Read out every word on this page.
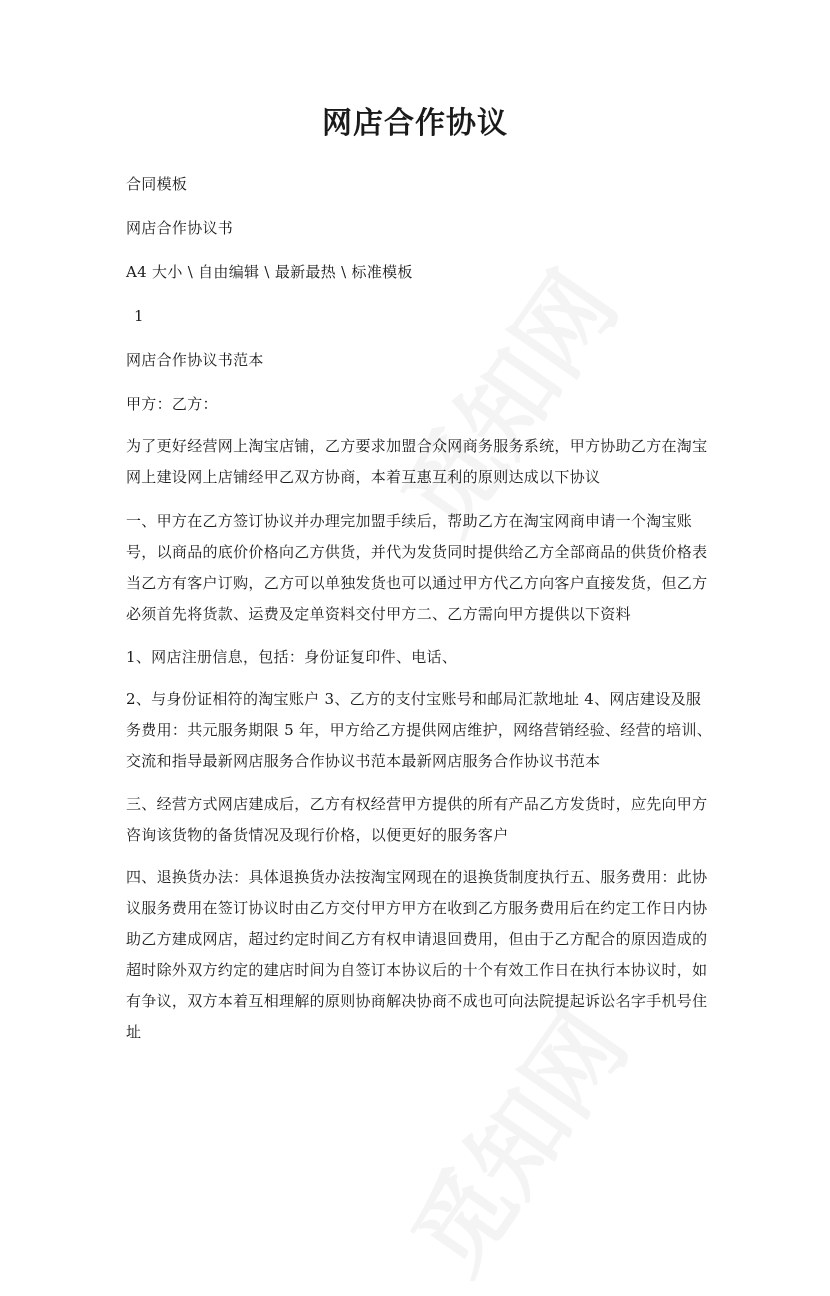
网店合作协议

合同模板

网店合作协议书

A4 大小 \ 自由编辑 \ 最新最热 \ 标准模板

1

网店合作协议书范本

甲方：乙方：

为了更好经营网上淘宝店铺，乙方要求加盟合众网商务服务系统，甲方协助乙方在淘宝网上建设网上店铺经甲乙双方协商，本着互惠互利的原则达成以下协议

一、甲方在乙方签订协议并办理完加盟手续后，帮助乙方在淘宝网商申请一个淘宝账号，以商品的底价价格向乙方供货，并代为发货同时提供给乙方全部商品的供货价格表当乙方有客户订购，乙方可以单独发货也可以通过甲方代乙方向客户直接发货，但乙方必须首先将货款、运费及定单资料交付甲方二、乙方需向甲方提供以下资料

1、网店注册信息，包括：身份证复印件、电话、

2、与身份证相符的淘宝账户 3、乙方的支付宝账号和邮局汇款地址 4、网店建设及服务费用：共元服务期限 5 年，甲方给乙方提供网店维护，网络营销经验、经营的培训、交流和指导最新网店服务合作协议书范本最新网店服务合作协议书范本

三、经营方式网店建成后，乙方有权经营甲方提供的所有产品乙方发货时，应先向甲方咨询该货物的备货情况及现行价格，以便更好的服务客户

四、退换货办法：具体退换货办法按淘宝网现在的退换货制度执行五、服务费用：此协议服务费用在签订协议时由乙方交付甲方甲方在收到乙方服务费用后在约定工作日内协助乙方建成网店，超过约定时间乙方有权申请退回费用，但由于乙方配合的原因造成的超时除外双方约定的建店时间为自签订本协议后的十个有效工作日在执行本协议时，如有争议，双方本着互相理解的原则协商解决协商不成也可向法院提起诉讼名字手机号住址
